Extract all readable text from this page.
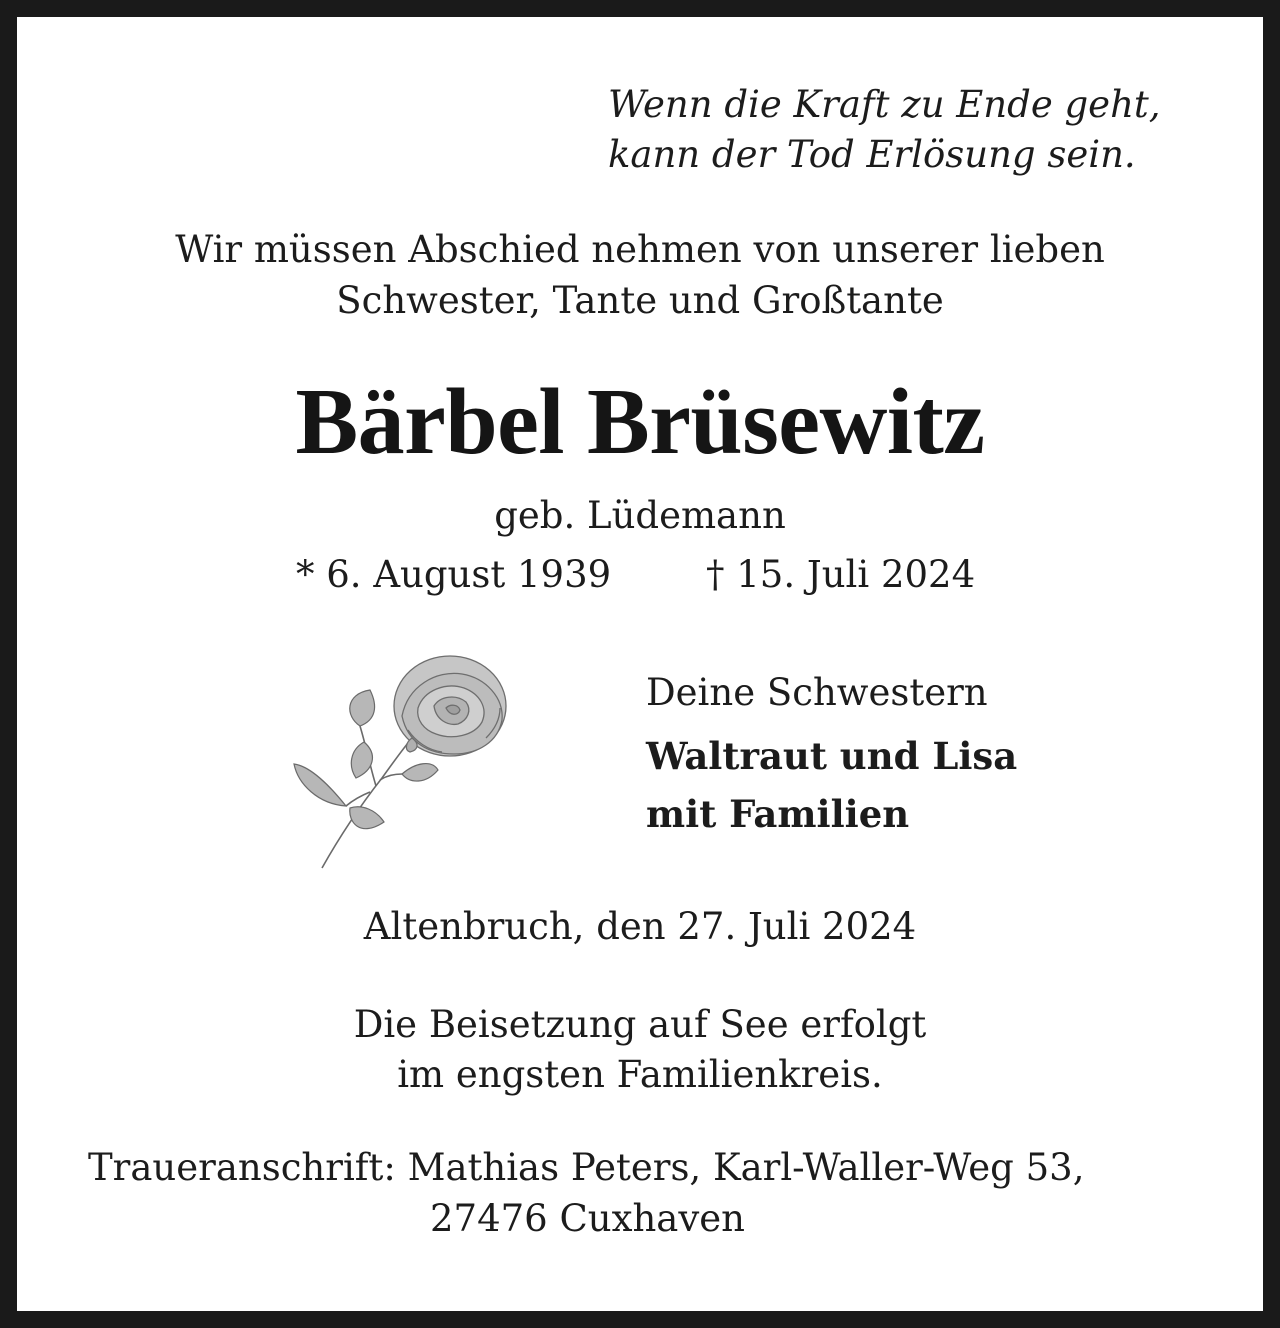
Wenn die Kraft zu Ende geht,

kann der Tod Erlösung sein.

Wir müssen Abschied nehmen von unserer lieben

Schwester, Tante und Großtante

Bärbel Brüsewitz

geb. Lüdemann

* 6. August 1939	† 15. Juli 2024

Deine Schwestern

Waltraut und Lisa

mit Familien

Altenbruch, den 27. Juli 2024

Die Beisetzung auf See erfolgt

im engsten Familienkreis.

Traueranschrift: Mathias Peters, Karl-Waller-Weg 53,

27476 Cuxhaven
